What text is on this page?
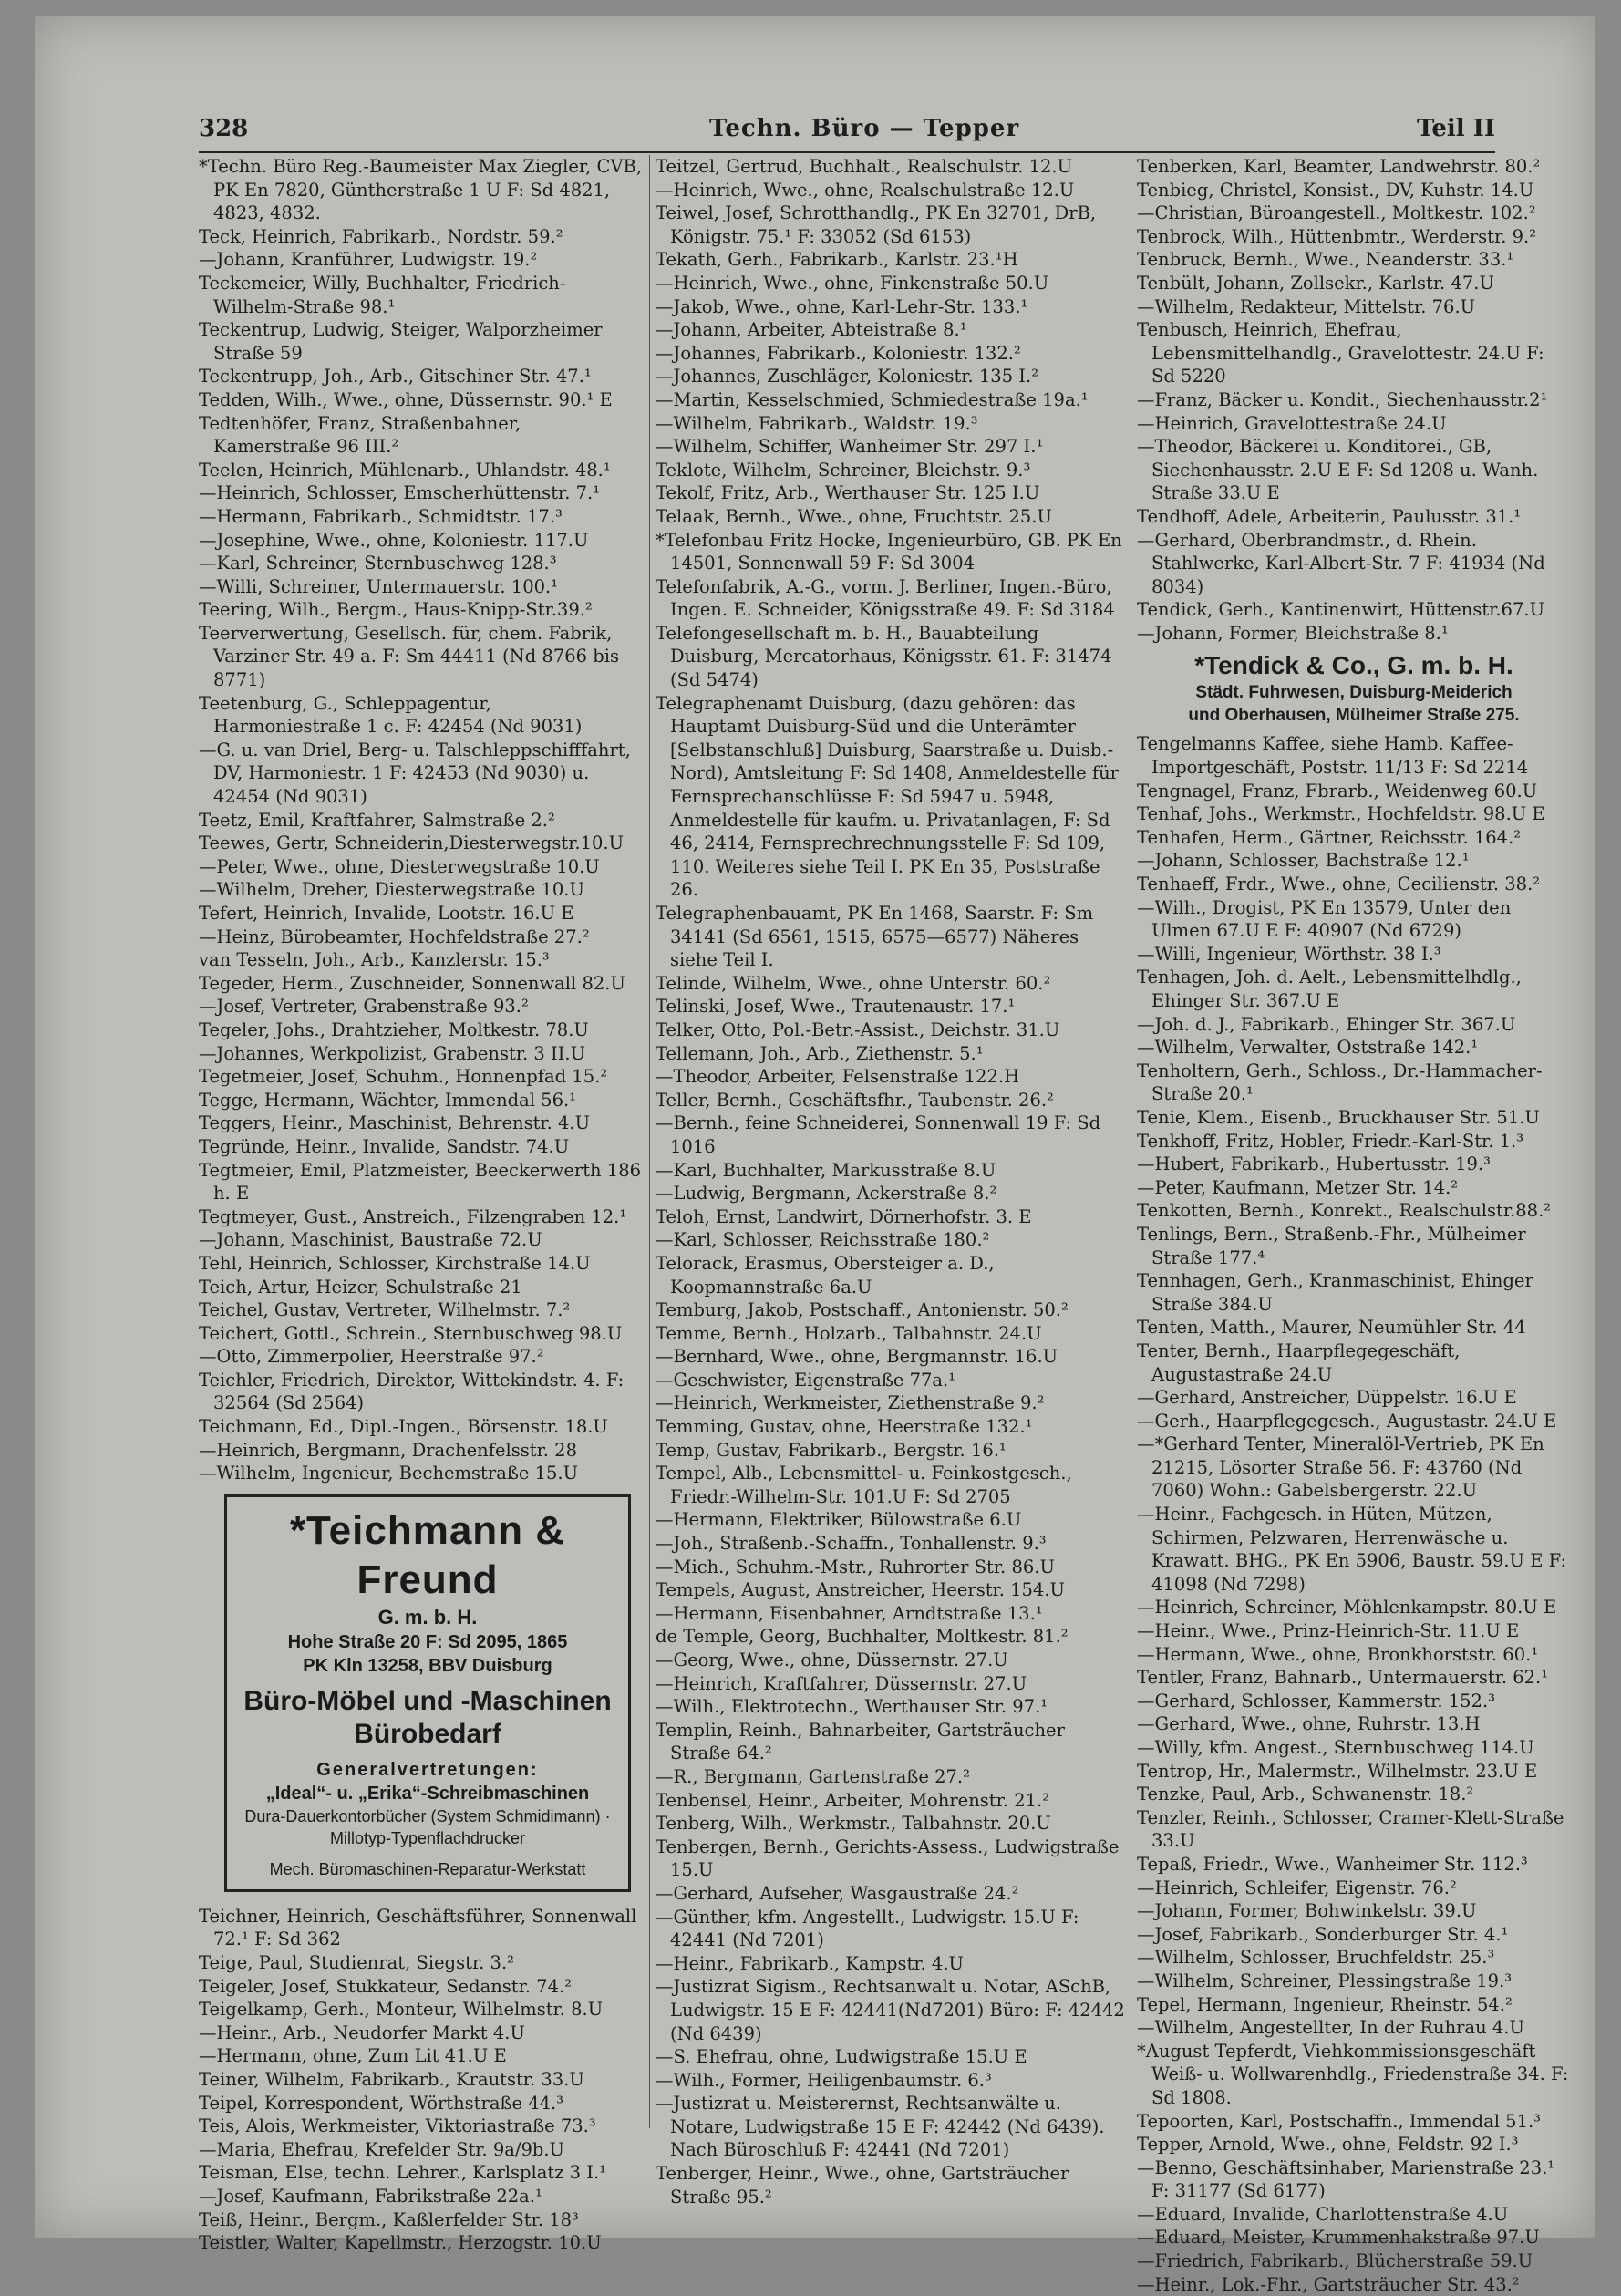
328	Techn. Büro — Tepper	Teil II

*Techn. Büro Reg.-Baumeister Max Ziegler, CVB, PK En 7820, Güntherstraße 1 U F: Sd 4821, 4823, 4832.

Teck, Heinrich, Fabrikarb., Nordstr. 59.²

—Johann, Kranführer, Ludwigstr. 19.²

Teckemeier, Willy, Buchhalter, Friedrich-Wilhelm-Straße 98.¹

Teckentrup, Ludwig, Steiger, Walporzheimer Straße 59

Teckentrupp, Joh., Arb., Gitschiner Str. 47.¹

Tedden, Wilh., Wwe., ohne, Düssernstr. 90.¹ E

Tedtenhöfer, Franz, Straßenbahner, Kamerstraße 96 III.²

Teelen, Heinrich, Mühlenarb., Uhlandstr. 48.¹

—Heinrich, Schlosser, Emscherhüttenstr. 7.¹

—Hermann, Fabrikarb., Schmidtstr. 17.³

—Josephine, Wwe., ohne, Koloniestr. 117.U

—Karl, Schreiner, Sternbuschweg 128.³

—Willi, Schreiner, Untermauerstr. 100.¹

Teering, Wilh., Bergm., Haus-Knipp-Str.39.²

Teerverwertung, Gesellsch. für, chem. Fabrik, Varziner Str. 49 a. F: Sm 44411 (Nd 8766 bis 8771)

Teetenburg, G., Schleppagentur, Harmoniestraße 1 c. F: 42454 (Nd 9031)

—G. u. van Driel, Berg- u. Talschleppschifffahrt, DV, Harmoniestr. 1 F: 42453 (Nd 9030) u. 42454 (Nd 9031)

Teetz, Emil, Kraftfahrer, Salmstraße 2.²

Teewes, Gertr, Schneiderin,Diesterwegstr.10.U

—Peter, Wwe., ohne, Diesterwegstraße 10.U

—Wilhelm, Dreher, Diesterwegstraße 10.U

Tefert, Heinrich, Invalide, Lootstr. 16.U E

—Heinz, Bürobeamter, Hochfeldstraße 27.²

van Tesseln, Joh., Arb., Kanzlerstr. 15.³

Tegeder, Herm., Zuschneider, Sonnenwall 82.U

—Josef, Vertreter, Grabenstraße 93.²

Tegeler, Johs., Drahtzieher, Moltkestr. 78.U

—Johannes, Werkpolizist, Grabenstr. 3 II.U

Tegetmeier, Josef, Schuhm., Honnenpfad 15.²

Tegge, Hermann, Wächter, Immendal 56.¹

Teggers, Heinr., Maschinist, Behrenstr. 4.U

Tegründe, Heinr., Invalide, Sandstr. 74.U

Tegtmeier, Emil, Platzmeister, Beeckerwerth 186 h. E

Tegtmeyer, Gust., Anstreich., Filzengraben 12.¹

—Johann, Maschinist, Baustraße 72.U

Tehl, Heinrich, Schlosser, Kirchstraße 14.U

Teich, Artur, Heizer, Schulstraße 21

Teichel, Gustav, Vertreter, Wilhelmstr. 7.²

Teichert, Gottl., Schrein., Sternbuschweg 98.U

—Otto, Zimmerpolier, Heerstraße 97.²

Teichler, Friedrich, Direktor, Wittekindstr. 4. F: 32564 (Sd 2564)

Teichmann, Ed., Dipl.-Ingen., Börsenstr. 18.U

—Heinrich, Bergmann, Drachenfelsstr. 28

—Wilhelm, Ingenieur, Bechemstraße 15.U

*Teichmann & Freund
G. m. b. H.
Hohe Straße 20 F: Sd 2095, 1865
PK Kln 13258, BBV Duisburg
Büro-Möbel und -Maschinen
Bürobedarf
Generalvertretungen:
„Ideal“- u. „Erika“-Schreibmaschinen
Dura-Dauerkontorbücher (System Schmidimann) · Millotyp-Typenflachdrucker
Mech. Büromaschinen-Reparatur-Werkstatt

Teichner, Heinrich, Geschäftsführer, Sonnenwall 72.¹ F: Sd 362

Teige, Paul, Studienrat, Siegstr. 3.²

Teigeler, Josef, Stukkateur, Sedanstr. 74.²

Teigelkamp, Gerh., Monteur, Wilhelmstr. 8.U

—Heinr., Arb., Neudorfer Markt 4.U

—Hermann, ohne, Zum Lit 41.U E

Teiner, Wilhelm, Fabrikarb., Krautstr. 33.U

Teipel, Korrespondent, Wörthstraße 44.³

Teis, Alois, Werkmeister, Viktoriastraße 73.³

—Maria, Ehefrau, Krefelder Str. 9a/9b.U

Teisman, Else, techn. Lehrer., Karlsplatz 3 I.¹

—Josef, Kaufmann, Fabrikstraße 22a.¹

Teiß, Heinr., Bergm., Kaßlerfelder Str. 18³

Teistler, Walter, Kapellmstr., Herzogstr. 10.U

Teitzel, Gertrud, Buchhalt., Realschulstr. 12.U

—Heinrich, Wwe., ohne, Realschulstraße 12.U

Teiwel, Josef, Schrotthandlg., PK En 32701, DrB, Königstr. 75.¹ F: 33052 (Sd 6153)

Tekath, Gerh., Fabrikarb., Karlstr. 23.¹H

—Heinrich, Wwe., ohne, Finkenstraße 50.U

—Jakob, Wwe., ohne, Karl-Lehr-Str. 133.¹

—Johann, Arbeiter, Abteistraße 8.¹

—Johannes, Fabrikarb., Koloniestr. 132.²

—Johannes, Zuschläger, Koloniestr. 135 I.²

—Martin, Kesselschmied, Schmiedestraße 19a.¹

—Wilhelm, Fabrikarb., Waldstr. 19.³

—Wilhelm, Schiffer, Wanheimer Str. 297 I.¹

Teklote, Wilhelm, Schreiner, Bleichstr. 9.³

Tekolf, Fritz, Arb., Werthauser Str. 125 I.U

Telaak, Bernh., Wwe., ohne, Fruchtstr. 25.U

*Telefonbau Fritz Hocke, Ingenieurbüro, GB. PK En 14501, Sonnenwall 59 F: Sd 3004

Telefonfabrik, A.-G., vorm. J. Berliner, Ingen.-Büro, Ingen. E. Schneider, Königsstraße 49. F: Sd 3184

Telefongesellschaft m. b. H., Bauabteilung Duisburg, Mercatorhaus, Königsstr. 61. F: 31474 (Sd 5474)

Telegraphenamt Duisburg, (dazu gehören: das Hauptamt Duisburg-Süd und die Unterämter [Selbstanschluß] Duisburg, Saarstraße u. Duisb.-Nord), Amtsleitung F: Sd 1408, Anmeldestelle für Fernsprechanschlüsse F: Sd 5947 u. 5948, Anmeldestelle für kaufm. u. Privatanlagen, F: Sd 46, 2414, Fernsprechrechnungsstelle F: Sd 109, 110. Weiteres siehe Teil I. PK En 35, Poststraße 26.

Telegraphenbauamt, PK En 1468, Saarstr. F: Sm 34141 (Sd 6561, 1515, 6575—6577) Näheres siehe Teil I.

Telinde, Wilhelm, Wwe., ohne Unterstr. 60.²

Telinski, Josef, Wwe., Trautenaustr. 17.¹

Telker, Otto, Pol.-Betr.-Assist., Deichstr. 31.U

Tellemann, Joh., Arb., Ziethenstr. 5.¹

—Theodor, Arbeiter, Felsenstraße 122.H

Teller, Bernh., Geschäftsfhr., Taubenstr. 26.²

—Bernh., feine Schneiderei, Sonnenwall 19 F: Sd 1016

—Karl, Buchhalter, Markusstraße 8.U

—Ludwig, Bergmann, Ackerstraße 8.²

Teloh, Ernst, Landwirt, Dörnerhofstr. 3. E

—Karl, Schlosser, Reichsstraße 180.²

Telorack, Erasmus, Obersteiger a. D., Koopmannstraße 6a.U

Temburg, Jakob, Postschaff., Antonienstr. 50.²

Temme, Bernh., Holzarb., Talbahnstr. 24.U

—Bernhard, Wwe., ohne, Bergmannstr. 16.U

—Geschwister, Eigenstraße 77a.¹

—Heinrich, Werkmeister, Ziethenstraße 9.²

Temming, Gustav, ohne, Heerstraße 132.¹

Temp, Gustav, Fabrikarb., Bergstr. 16.¹

Tempel, Alb., Lebensmittel- u. Feinkostgesch., Friedr.-Wilhelm-Str. 101.U F: Sd 2705

—Hermann, Elektriker, Bülowstraße 6.U

—Joh., Straßenb.-Schaffn., Tonhallenstr. 9.³

—Mich., Schuhm.-Mstr., Ruhrorter Str. 86.U

Tempels, August, Anstreicher, Heerstr. 154.U

—Hermann, Eisenbahner, Arndtstraße 13.¹

de Temple, Georg, Buchhalter, Moltkestr. 81.²

—Georg, Wwe., ohne, Düssernstr. 27.U

—Heinrich, Kraftfahrer, Düssernstr. 27.U

—Wilh., Elektrotechn., Werthauser Str. 97.¹

Templin, Reinh., Bahnarbeiter, Gartsträucher Straße 64.²

—R., Bergmann, Gartenstraße 27.²

Tenbensel, Heinr., Arbeiter, Mohrenstr. 21.²

Tenberg, Wilh., Werkmstr., Talbahnstr. 20.U

Tenbergen, Bernh., Gerichts-Assess., Ludwigstraße 15.U

—Gerhard, Aufseher, Wasgaustraße 24.²

—Günther, kfm. Angestellt., Ludwigstr. 15.U F: 42441 (Nd 7201)

—Heinr., Fabrikarb., Kampstr. 4.U

—Justizrat Sigism., Rechtsanwalt u. Notar, ASchB, Ludwigstr. 15 E F: 42441(Nd7201) Büro: F: 42442 (Nd 6439)

—S. Ehefrau, ohne, Ludwigstraße 15.U E

—Wilh., Former, Heiligenbaumstr. 6.³

—Justizrat u. Meisterernst, Rechtsanwälte u. Notare, Ludwigstraße 15 E F: 42442 (Nd 6439). Nach Büroschluß F: 42441 (Nd 7201)

Tenberger, Heinr., Wwe., ohne, Gartsträucher Straße 95.²

Tenberken, Karl, Beamter, Landwehrstr. 80.²

Tenbieg, Christel, Konsist., DV, Kuhstr. 14.U

—Christian, Büroangestell., Moltkestr. 102.²

Tenbrock, Wilh., Hüttenbmtr., Werderstr. 9.²

Tenbruck, Bernh., Wwe., Neanderstr. 33.¹

Tenbült, Johann, Zollsekr., Karlstr. 47.U

—Wilhelm, Redakteur, Mittelstr. 76.U

Tenbusch, Heinrich, Ehefrau, Lebensmittelhandlg., Gravelottestr. 24.U F: Sd 5220

—Franz, Bäcker u. Kondit., Siechenhausstr.2¹

—Heinrich, Gravelottestraße 24.U

—Theodor, Bäckerei u. Konditorei., GB, Siechenhausstr. 2.U E F: Sd 1208 u. Wanh. Straße 33.U E

Tendhoff, Adele, Arbeiterin, Paulusstr. 31.¹

—Gerhard, Oberbrandmstr., d. Rhein. Stahlwerke, Karl-Albert-Str. 7 F: 41934 (Nd 8034)

Tendick, Gerh., Kantinenwirt, Hüttenstr.67.U

—Johann, Former, Bleichstraße 8.¹

*Tendick & Co., G. m. b. H.
Städt. Fuhrwesen, Duisburg-Meiderich
und Oberhausen, Mülheimer Straße 275.

Tengelmanns Kaffee, siehe Hamb. Kaffee-Importgeschäft, Poststr. 11/13 F: Sd 2214

Tengnagel, Franz, Fbrarb., Weidenweg 60.U

Tenhaf, Johs., Werkmstr., Hochfeldstr. 98.U E

Tenhafen, Herm., Gärtner, Reichsstr. 164.²

—Johann, Schlosser, Bachstraße 12.¹

Tenhaeff, Frdr., Wwe., ohne, Cecilienstr. 38.²

—Wilh., Drogist, PK En 13579, Unter den Ulmen 67.U E F: 40907 (Nd 6729)

—Willi, Ingenieur, Wörthstr. 38 I.³

Tenhagen, Joh. d. Aelt., Lebensmittelhdlg., Ehinger Str. 367.U E

—Joh. d. J., Fabrikarb., Ehinger Str. 367.U

—Wilhelm, Verwalter, Oststraße 142.¹

Tenholtern, Gerh., Schloss., Dr.-Hammacher-Straße 20.¹

Tenie, Klem., Eisenb., Bruckhauser Str. 51.U

Tenkhoff, Fritz, Hobler, Friedr.-Karl-Str. 1.³

—Hubert, Fabrikarb., Hubertusstr. 19.³

—Peter, Kaufmann, Metzer Str. 14.²

Tenkotten, Bernh., Konrekt., Realschulstr.88.²

Tenlings, Bern., Straßenb.-Fhr., Mülheimer Straße 177.⁴

Tennhagen, Gerh., Kranmaschinist, Ehinger Straße 384.U

Tenten, Matth., Maurer, Neumühler Str. 44

Tenter, Bernh., Haarpflegegeschäft, Augustastraße 24.U

—Gerhard, Anstreicher, Düppelstr. 16.U E

—Gerh., Haarpflegegesch., Augustastr. 24.U E

—*Gerhard Tenter, Mineralöl-Vertrieb, PK En 21215, Lösorter Straße 56. F: 43760 (Nd 7060) Wohn.: Gabelsbergerstr. 22.U

—Heinr., Fachgesch. in Hüten, Mützen, Schirmen, Pelzwaren, Herrenwäsche u. Krawatt. BHG., PK En 5906, Baustr. 59.U E F: 41098 (Nd 7298)

—Heinrich, Schreiner, Möhlenkampstr. 80.U E

—Heinr., Wwe., Prinz-Heinrich-Str. 11.U E

—Hermann, Wwe., ohne, Bronkhorststr. 60.¹

Tentler, Franz, Bahnarb., Untermauerstr. 62.¹

—Gerhard, Schlosser, Kammerstr. 152.³

—Gerhard, Wwe., ohne, Ruhrstr. 13.H

—Willy, kfm. Angest., Sternbuschweg 114.U

Tentrop, Hr., Malermstr., Wilhelmstr. 23.U E

Tenzke, Paul, Arb., Schwanenstr. 18.²

Tenzler, Reinh., Schlosser, Cramer-Klett-Straße 33.U

Tepaß, Friedr., Wwe., Wanheimer Str. 112.³

—Heinrich, Schleifer, Eigenstr. 76.²

—Johann, Former, Bohwinkelstr. 39.U

—Josef, Fabrikarb., Sonderburger Str. 4.¹

—Wilhelm, Schlosser, Bruchfeldstr. 25.³

—Wilhelm, Schreiner, Plessingstraße 19.³

Tepel, Hermann, Ingenieur, Rheinstr. 54.²

—Wilhelm, Angestellter, In der Ruhrau 4.U

*August Tepferdt, Viehkommissionsgeschäft Weiß- u. Wollwarenhdlg., Friedenstraße 34. F: Sd 1808.

Tepoorten, Karl, Postschaffn., Immendal 51.³

Tepper, Arnold, Wwe., ohne, Feldstr. 92 I.³

—Benno, Geschäftsinhaber, Marienstraße 23.¹ F: 31177 (Sd 6177)

—Eduard, Invalide, Charlottenstraße 4.U

—Eduard, Meister, Krummenhakstraße 97.U

—Friedrich, Fabrikarb., Blücherstraße 59.U

—Heinr., Lok.-Fhr., Gartsträucher Str. 43.²
